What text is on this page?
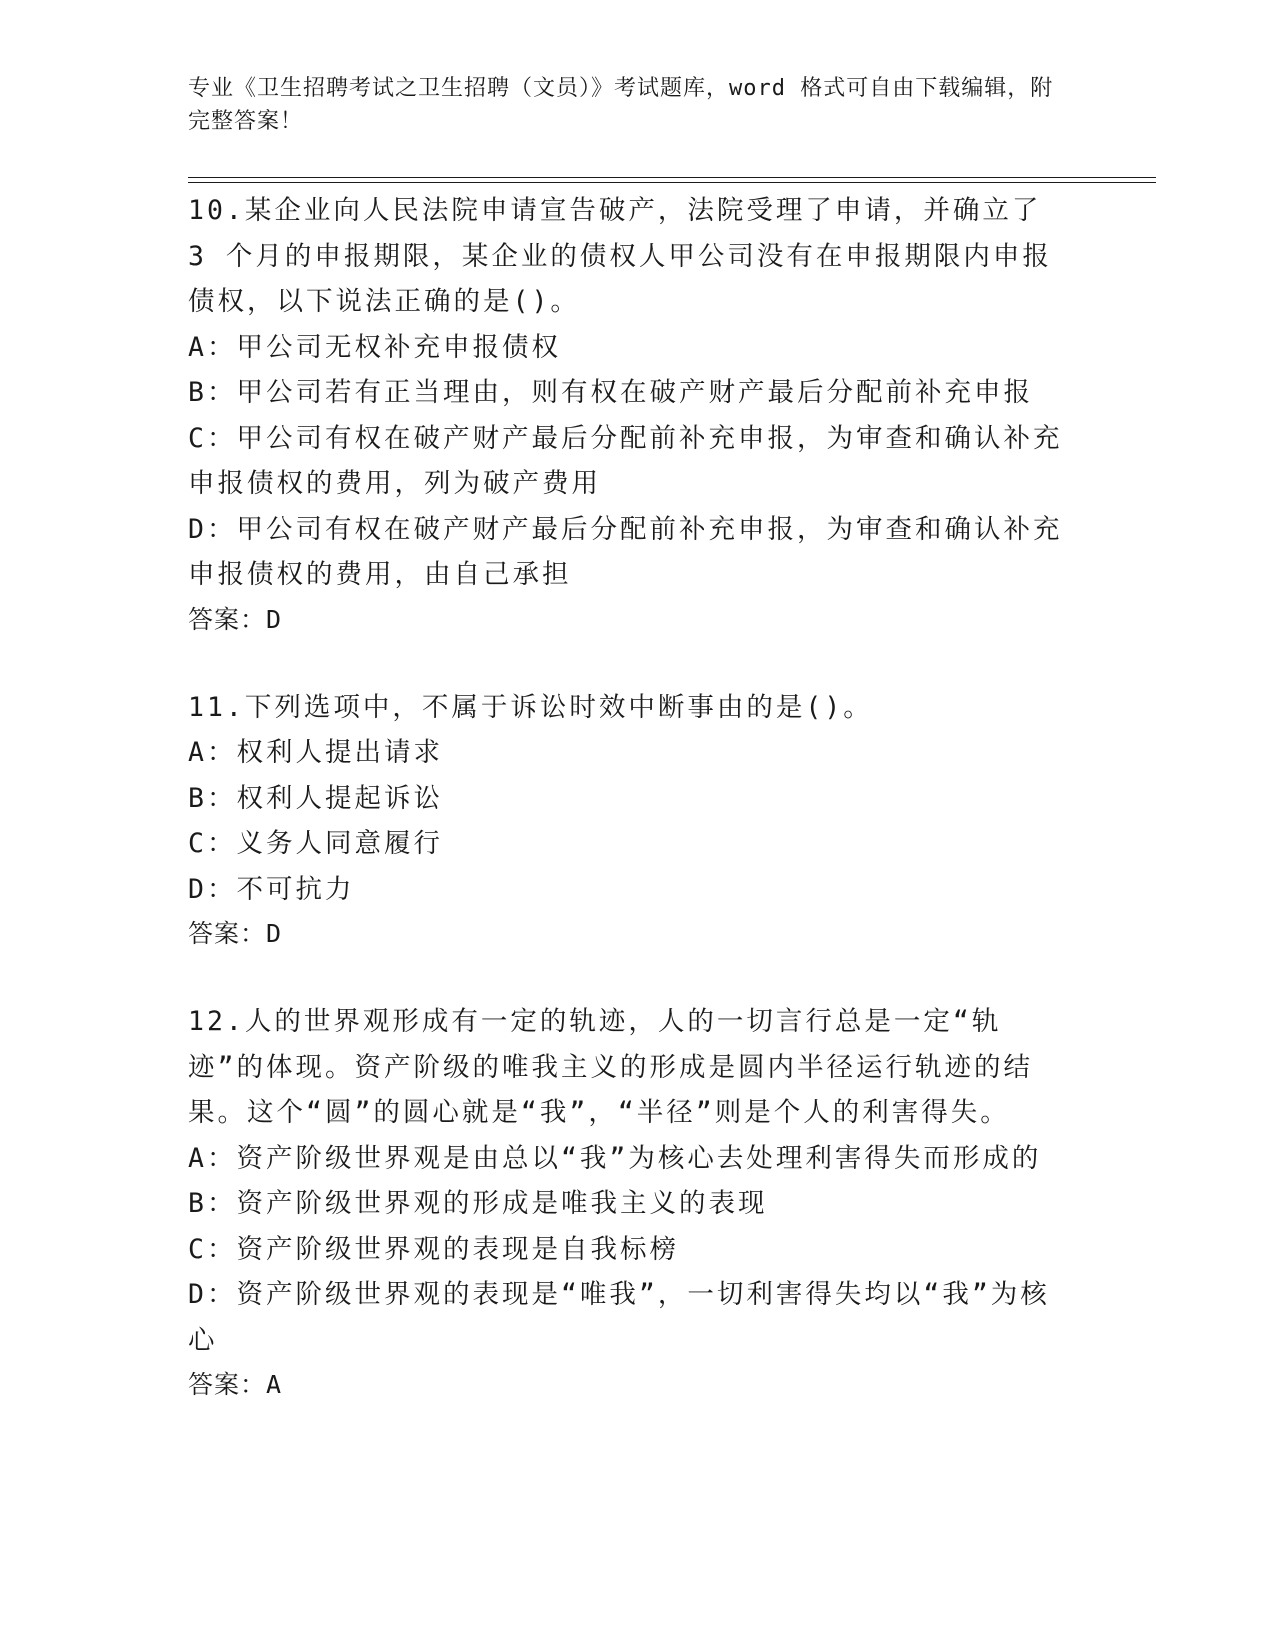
专业《卫生招聘考试之卫生招聘（文员）》考试题库，word 格式可自由下载编辑，附完整答案！

10.某企业向人民法院申请宣告破产，法院受理了申请，并确立了 3 个月的申报期限，某企业的债权人甲公司没有在申报期限内申报债权，以下说法正确的是()。

A：甲公司无权补充申报债权

B：甲公司若有正当理由，则有权在破产财产最后分配前补充申报

C：甲公司有权在破产财产最后分配前补充申报，为审查和确认补充申报债权的费用，列为破产费用

D：甲公司有权在破产财产最后分配前补充申报，为审查和确认补充申报债权的费用，由自己承担

答案：D

11.下列选项中，不属于诉讼时效中断事由的是()。

A：权利人提出请求

B：权利人提起诉讼

C：义务人同意履行

D：不可抗力

答案：D

12.人的世界观形成有一定的轨迹，人的一切言行总是一定“轨迹”的体现。资产阶级的唯我主义的形成是圆内半径运行轨迹的结果。这个“圆”的圆心就是“我”，“半径”则是个人的利害得失。

A：资产阶级世界观是由总以“我”为核心去处理利害得失而形成的

B：资产阶级世界观的形成是唯我主义的表现

C：资产阶级世界观的表现是自我标榜

D：资产阶级世界观的表现是“唯我”，一切利害得失均以“我”为核心

答案：A
